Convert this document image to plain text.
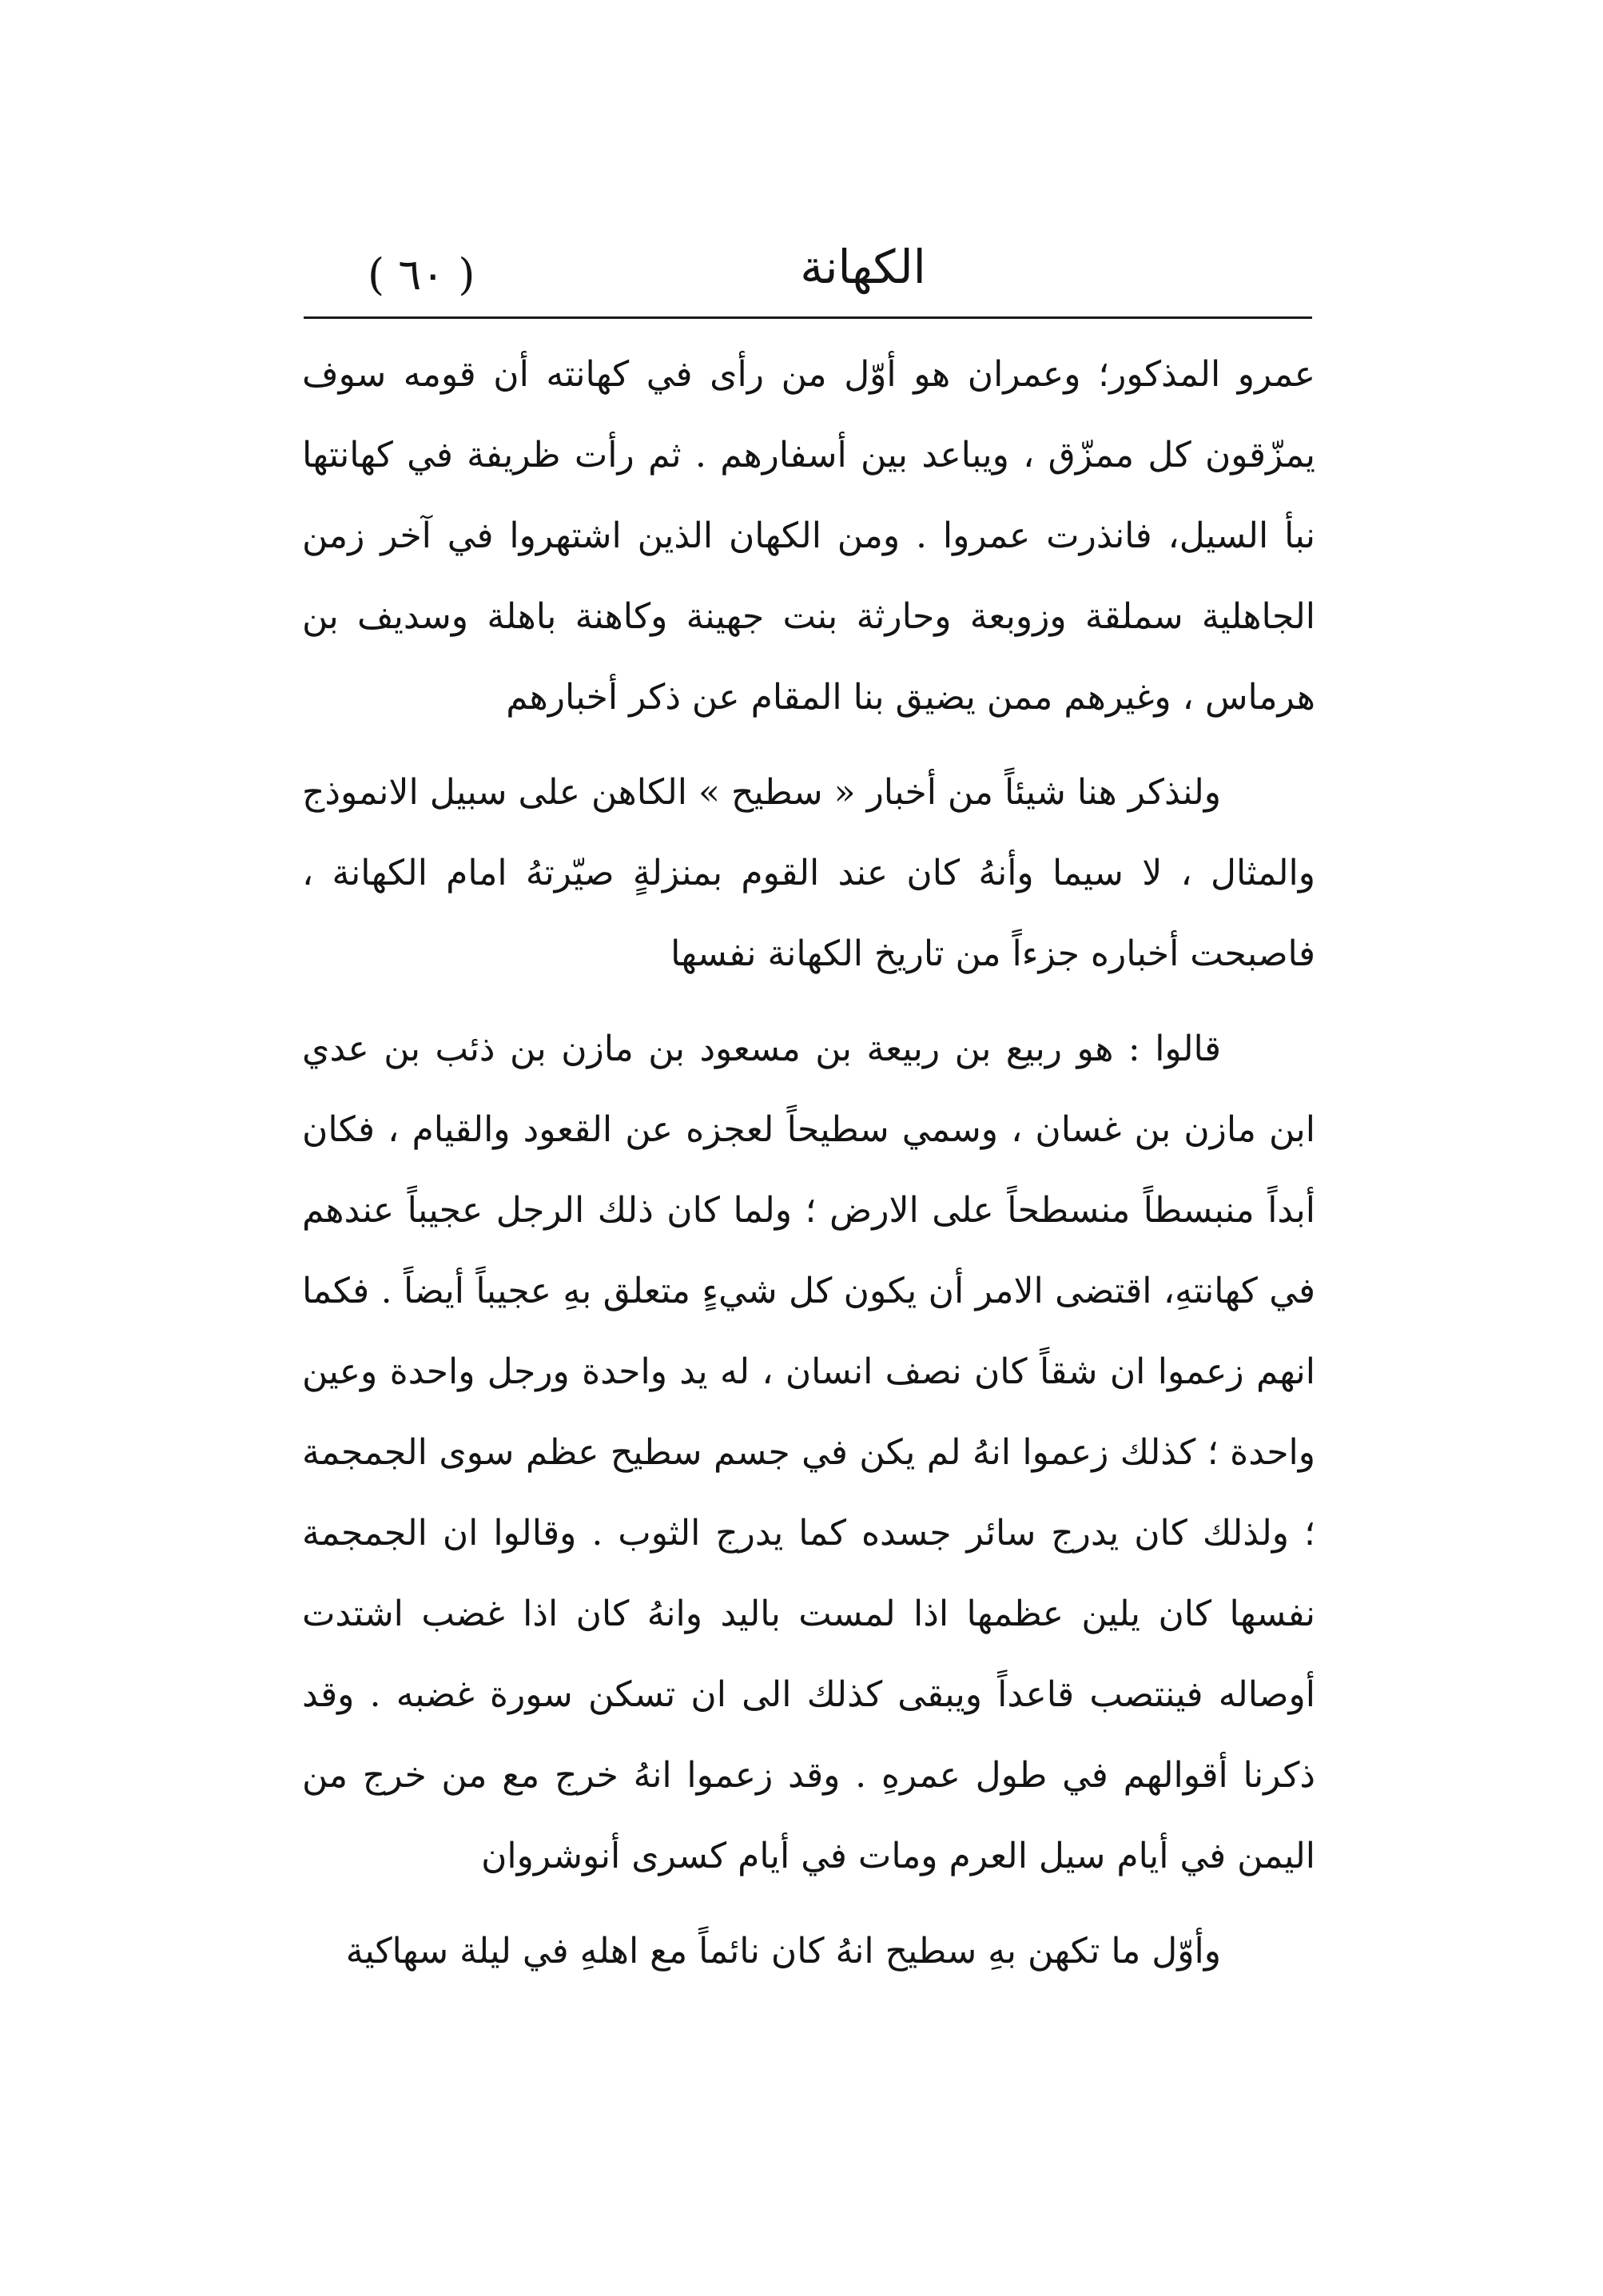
( ٦٠ )	الكهانة

عمرو المذكور؛ وعمران هو أوّل من رأى في كهانته أن قومه سوف يمزّقون كل ممزّق ، ويباعد بين أسفارهم . ثم رأت ظريفة في كهانتها نبأ السيل، فانذرت عمروا . ومن الكهان الذين اشتهروا في آخر زمن الجاهلية سملقة وزوبعة وحارثة بنت جهينة وكاهنة باهلة وسديف بن هرماس ، وغيرهم ممن يضيق بنا المقام عن ذكر أخبارهم

ولنذكر هنا شيئاً من أخبار « سطيح » الكاهن على سبيل الانموذج والمثال ، لا سيما وأنهُ كان عند القوم بمنزلةٍ صيّرتهُ امام الكهانة ، فاصبحت أخباره جزءاً من تاريخ الكهانة نفسها

قالوا : هو ربيع بن ربيعة بن مسعود بن مازن بن ذئب بن عدي ابن مازن بن غسان ، وسمي سطيحاً لعجزه عن القعود والقيام ، فكان أبداً منبسطاً منسطحاً على الارض ؛ ولما كان ذلك الرجل عجيباً عندهم في كهانتهِ، اقتضى الامر أن يكون كل شيءٍ متعلق بهِ عجيباً أيضاً . فكما انهم زعموا ان شقاً كان نصف انسان ، له يد واحدة ورجل واحدة وعين واحدة ؛ كذلك زعموا انهُ لم يكن في جسم سطيح عظم سوى الجمجمة ؛ ولذلك كان يدرج سائر جسده كما يدرج الثوب . وقالوا ان الجمجمة نفسها كان يلين عظمها اذا لمست باليد وانهُ كان اذا غضب اشتدت أوصاله فينتصب قاعداً ويبقى كذلك الى ان تسكن سورة غضبه . وقد ذكرنا أقوالهم في طول عمرهِ . وقد زعموا انهُ خرج مع من خرج من اليمن في أيام سيل العرم ومات في أيام كسرى أنوشروان

وأوّل ما تكهن بهِ سطيح انهُ كان نائماً مع اهلهِ في ليلة سهاكية
